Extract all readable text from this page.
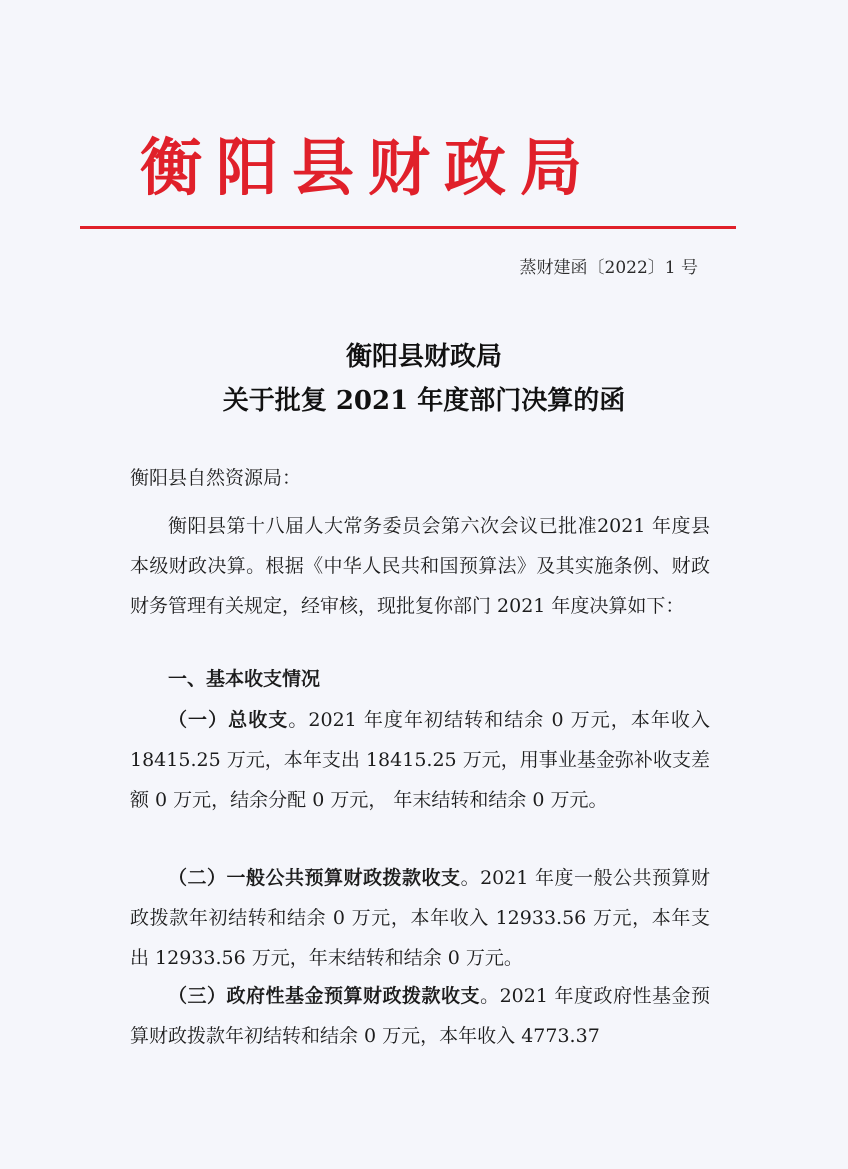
衡阳县财政局
蒸财建函〔2022〕1 号
衡阳县财政局
关于批复 2021 年度部门决算的函
衡阳县自然资源局：
衡阳县第十八届人大常务委员会第六次会议已批准2021 年度县本级财政决算。根据《中华人民共和国预算法》及其实施条例、财政财务管理有关规定，经审核，现批复你部门 2021 年度决算如下：
一、基本收支情况
（一）总收支。2021 年度年初结转和结余 0 万元，本年收入 18415.25 万元，本年支出 18415.25 万元，用事业基金弥补收支差额 0 万元，结余分配 0 万元， 年末结转和结余 0 万元。
（二）一般公共预算财政拨款收支。2021 年度一般公共预算财政拨款年初结转和结余 0 万元，本年收入 12933.56 万元，本年支出 12933.56 万元，年末结转和结余 0 万元。
（三）政府性基金预算财政拨款收支。2021 年度政府性基金预算财政拨款年初结转和结余 0 万元，本年收入 4773.37
